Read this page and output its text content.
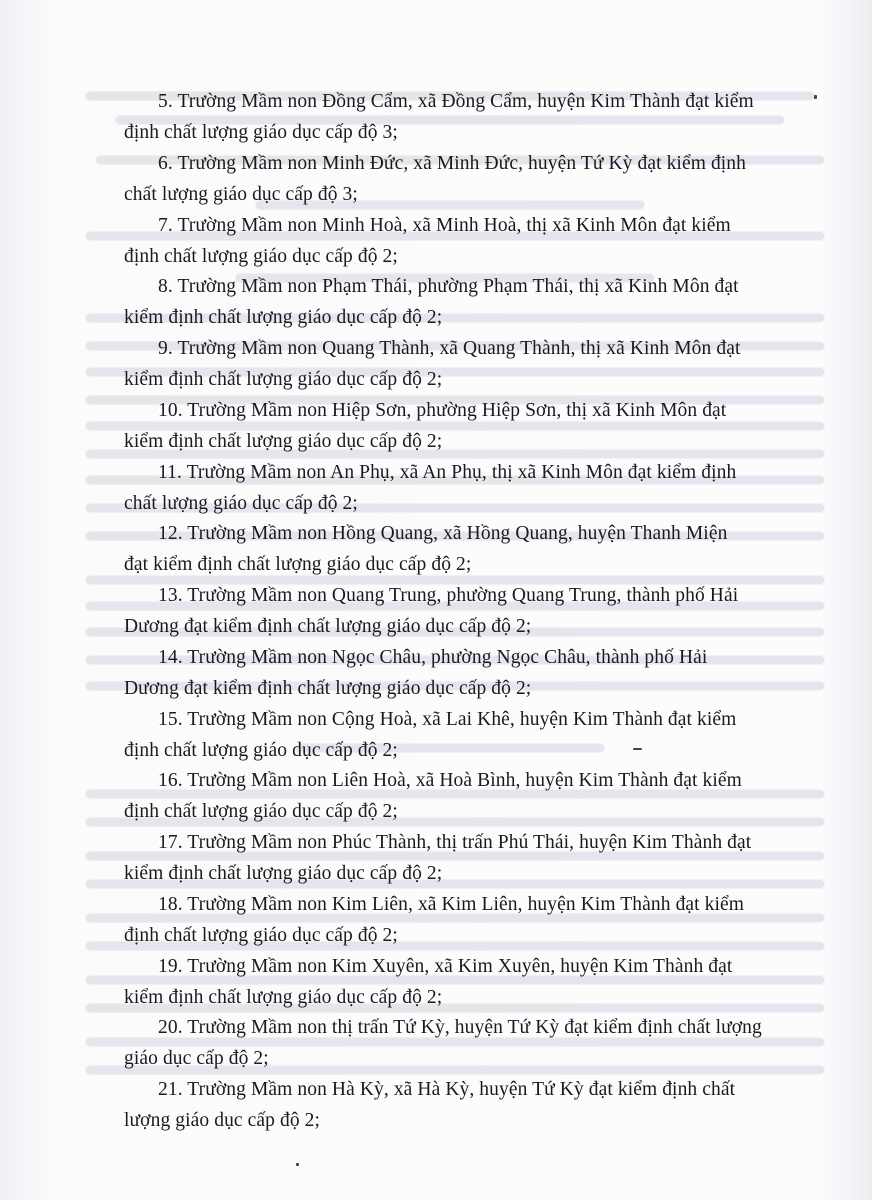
5. Trường Mầm non Đồng Cẩm, xã Đồng Cẩm, huyện Kim Thành đạt kiểm
định chất lượng giáo dục cấp độ 3;
6. Trường Mầm non Minh Đức, xã Minh Đức, huyện Tứ Kỳ đạt kiểm định
chất lượng giáo dục cấp độ 3;
7. Trường Mầm non Minh Hoà, xã Minh Hoà, thị xã Kinh Môn đạt kiểm
định chất lượng giáo dục cấp độ 2;
8. Trường Mầm non Phạm Thái, phường Phạm Thái, thị xã Kinh Môn đạt
kiểm định chất lượng giáo dục cấp độ 2;
9. Trường Mầm non Quang Thành, xã Quang Thành, thị xã Kinh Môn đạt
kiểm định chất lượng giáo dục cấp độ 2;
10. Trường Mầm non Hiệp Sơn, phường Hiệp Sơn, thị xã Kinh Môn đạt
kiểm định chất lượng giáo dục cấp độ 2;
11. Trường Mầm non An Phụ, xã An Phụ, thị xã Kinh Môn đạt kiểm định
chất lượng giáo dục cấp độ 2;
12. Trường Mầm non Hồng Quang, xã Hồng Quang, huyện Thanh Miện
đạt kiểm định chất lượng giáo dục cấp độ 2;
13. Trường Mầm non Quang Trung, phường Quang Trung, thành phố Hải
Dương đạt kiểm định chất lượng giáo dục cấp độ 2;
14. Trường Mầm non Ngọc Châu, phường Ngọc Châu, thành phố Hải
Dương đạt kiểm định chất lượng giáo dục cấp độ 2;
15. Trường Mầm non Cộng Hoà, xã Lai Khê, huyện Kim Thành đạt kiểm
định chất lượng giáo dục cấp độ 2;
16. Trường Mầm non Liên Hoà, xã Hoà Bình, huyện Kim Thành đạt kiểm
định chất lượng giáo dục cấp độ 2;
17. Trường Mầm non Phúc Thành, thị trấn Phú Thái, huyện Kim Thành đạt
kiểm định chất lượng giáo dục cấp độ 2;
18. Trường Mầm non Kim Liên, xã Kim Liên, huyện Kim Thành đạt kiểm
định chất lượng giáo dục cấp độ 2;
19. Trường Mầm non Kim Xuyên, xã Kim Xuyên, huyện Kim Thành đạt
kiểm định chất lượng giáo dục cấp độ 2;
20. Trường Mầm non thị trấn Tứ Kỳ, huyện Tứ Kỳ đạt kiểm định chất lượng
giáo dục cấp độ 2;
21. Trường Mầm non Hà Kỳ, xã Hà Kỳ, huyện Tứ Kỳ đạt kiểm định chất
lượng giáo dục cấp độ 2;
